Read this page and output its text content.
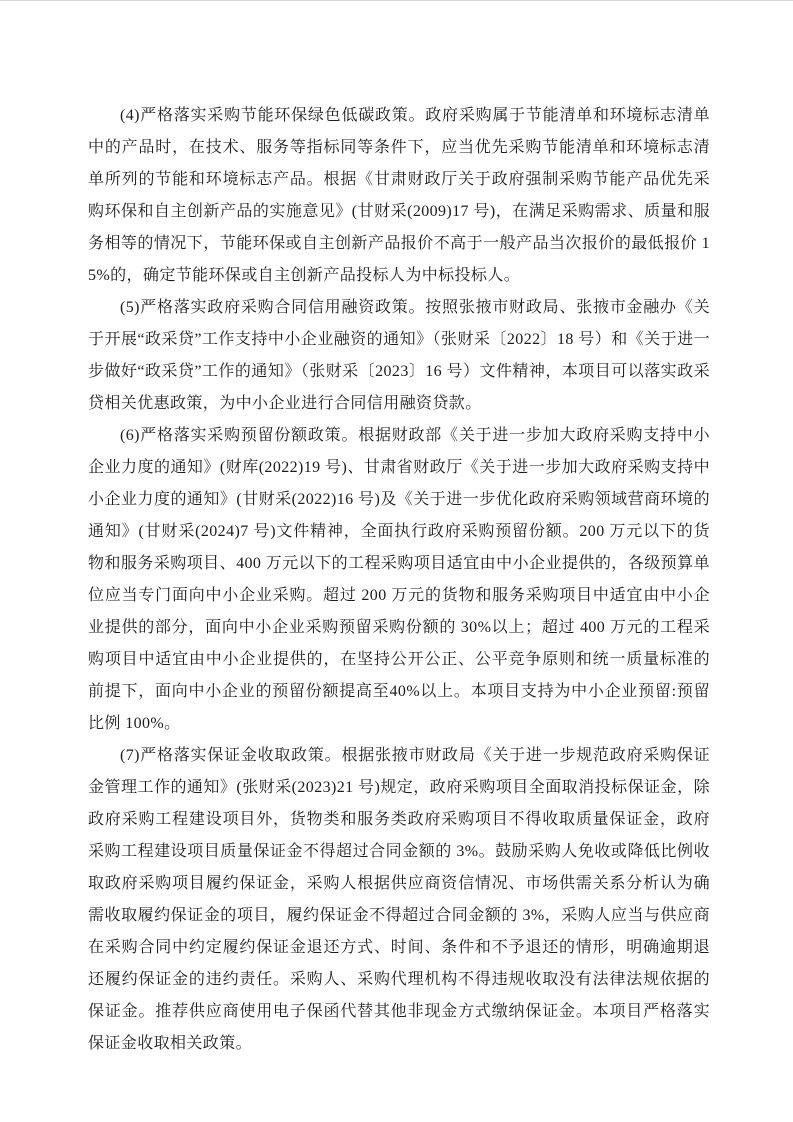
(4)严格落实采购节能环保绿色低碳政策。政府采购属于节能清单和环境标志清单中的产品时，在技术、服务等指标同等条件下，应当优先采购节能清单和环境标志清单所列的节能和环境标志产品。根据《甘肃财政厅关于政府强制采购节能产品优先采购环保和自主创新产品的实施意见》(甘财采(2009)17 号)，在满足采购需求、质量和服务相等的情况下，节能环保或自主创新产品报价不高于一般产品当次报价的最低报价 15%的，确定节能环保或自主创新产品投标人为中标投标人。

(5)严格落实政府采购合同信用融资政策。按照张掖市财政局、张掖市金融办《关于开展“政采贷”工作支持中小企业融资的通知》（张财采〔2022〕18 号）和《关于进一步做好“政采贷”工作的通知》（张财采〔2023〕16 号）文件精神，本项目可以落实政采贷相关优惠政策，为中小企业进行合同信用融资贷款。

(6)严格落实采购预留份额政策。根据财政部《关于进一步加大政府采购支持中小企业力度的通知》(财库(2022)19 号)、甘肃省财政厅《关于进一步加大政府采购支持中小企业力度的通知》(甘财采(2022)16 号)及《关于进一步优化政府采购领域营商环境的通知》(甘财采(2024)7 号)文件精神，全面执行政府采购预留份额。200 万元以下的货物和服务采购项目、400 万元以下的工程采购项目适宜由中小企业提供的，各级预算单位应当专门面向中小企业采购。超过 200 万元的货物和服务采购项目中适宜由中小企业提供的部分，面向中小企业采购预留采购份额的 30%以上；超过 400 万元的工程采购项目中适宜由中小企业提供的，在坚持公开公正、公平竞争原则和统一质量标准的前提下，面向中小企业的预留份额提高至40%以上。本项目支持为中小企业预留:预留比例 100%。

(7)严格落实保证金收取政策。根据张掖市财政局《关于进一步规范政府采购保证金管理工作的通知》(张财采(2023)21 号)规定，政府采购项目全面取消投标保证金，除政府采购工程建设项目外，货物类和服务类政府采购项目不得收取质量保证金，政府采购工程建设项目质量保证金不得超过合同金额的 3%。鼓励采购人免收或降低比例收取政府采购项目履约保证金，采购人根据供应商资信情况、市场供需关系分析认为确需收取履约保证金的项目，履约保证金不得超过合同金额的 3%，采购人应当与供应商在采购合同中约定履约保证金退还方式、时间、条件和不予退还的情形，明确逾期退还履约保证金的违约责任。采购人、采购代理机构不得违规收取没有法律法规依据的保证金。推荐供应商使用电子保函代替其他非现金方式缴纳保证金。本项目严格落实保证金收取相关政策。
